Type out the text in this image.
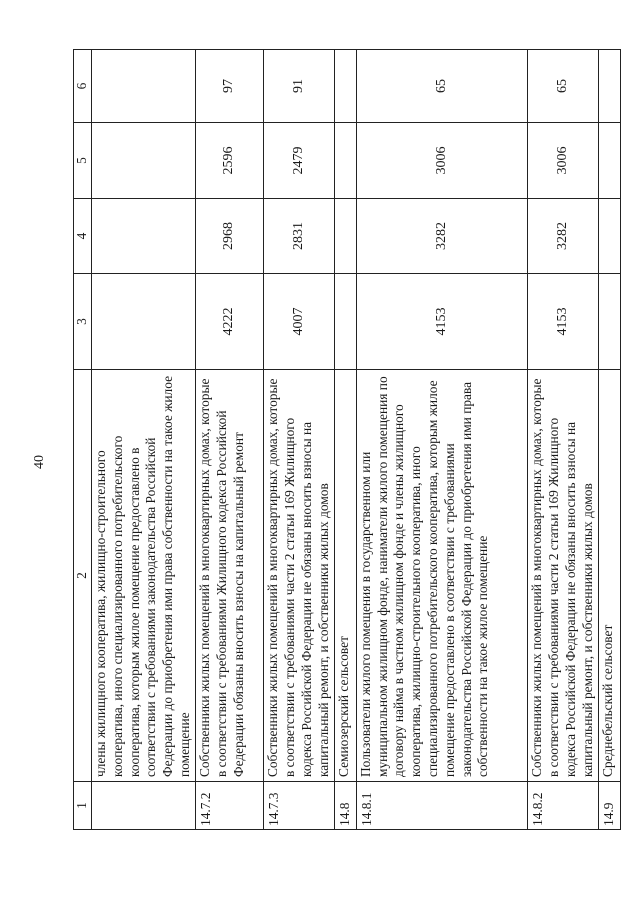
40
1	2	3	4	5	6
	члены жилищного кооператива, жилищно-строительного кооператива, иного специализированного потребительского кооператива, которым жилое помещение предоставлено в соответствии с требованиями законодательства Российской Федерации до приобретения ими права собственности на такое жилое помещение				
14.7.2	Собственники жилых помещений в многоквартирных домах, которые в соответствии с требованиями Жилищного кодекса Российской Федерации обязаны вносить взносы на капитальный ремонт	4222	2968	2596	97
14.7.3	Собственники жилых помещений в многоквартирных домах, которые в соответствии с требованиями части 2 статьи 169 Жилищного кодекса Российской Федерации не обязаны вносить взносы на капитальный ремонт, и собственники жилых домов	4007	2831	2479	91
14.8	Семиозерский сельсовет				
14.8.1	Пользователи жилого помещения в государственном или муниципальном жилищном фонде, наниматели жилого помещения по договору найма в частном жилищном фонде и члены жилищного кооператива, жилищно-строительного кооператива, иного специализированного потребительского кооператива, которым жилое помещение предоставлено в соответствии с требованиями законодательства Российской Федерации до приобретения ими права собственности на такое жилое помещение	4153	3282	3006	65
14.8.2	Собственники жилых помещений в многоквартирных домах, которые в соответствии с требованиями части 2 статьи 169 Жилищного кодекса Российской Федерации не обязаны вносить взносы на капитальный ремонт, и собственники жилых домов	4153	3282	3006	65
14.9	Среднебельский сельсовет				
